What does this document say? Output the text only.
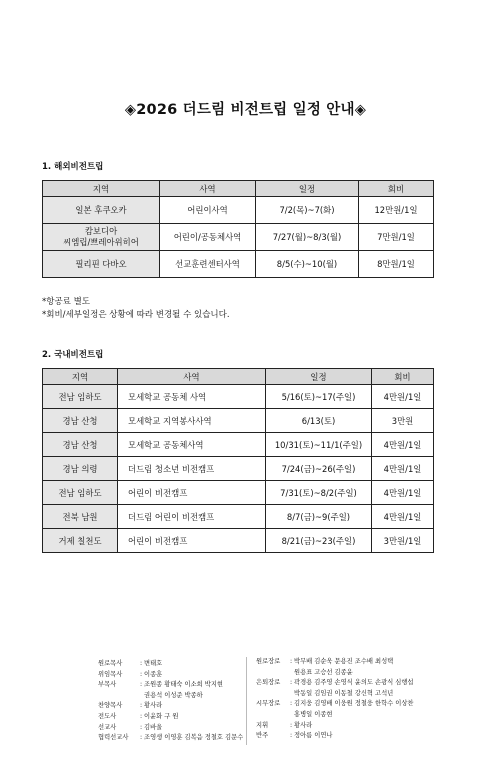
◈2026 더드림 비전트립 일정 안내◈
1. 해외비전트립
지역	사역	일정	회비
일본 후쿠오카	어린이사역	7/2(목)~7(화)	12만원/1일

캄보디아
씨엠립/쁘레아위히어	어린이/공동체사역	7/27(월)~8/3(월)	7만원/1일
필리핀 다바오	선교훈련센터사역	8/5(수)~10(월)	8만원/1일
*항공료 별도
*회비/세부일정은 상황에 따라 변경될 수 있습니다.
2. 국내비전트립
지역	사역	일정	회비
전남 임하도	모세학교 공동체 사역	5/16(토)~17(주일)	4만원/1일
경남 산청	모세학교 지역봉사사역	6/13(토)	3만원
경남 산청	모세학교 공동체사역	10/31(토)~11/1(주일)	4만원/1일
경남 의령	더드림 청소년 비전캠프	7/24(금)~26(주일)	4만원/1일
전남 임하도	어린이 비전캠프	7/31(토)~8/2(주일)	4만원/1일
전북 남원	더드림 어린이 비전캠프	8/7(금)~9(주일)	4만원/1일
거제 칠천도	어린이 비전캠프	8/21(금)~23(주일)	3만원/1일
원로목사	: 변태호
위임목사	: 이종훈
부목사	: 조원종 황태숙 이소희 박지현
권용석 이성준 박종하
찬양목사	: 황사라
전도사	: 이윤화 구 원
선교사	: 김바울
협력선교사	: 조영생 이영훈 김복음 정철호 김문수
원로장로	: 박무배 김순욱 문용진 조수배 최성택
원용표 고승선 김종윤
은퇴장로	: 곽경용 김주영 손영식 윤의도 손광식 심행섭
박동일 김임권 이동철 강신혁 고석년
시무장로	: 김지웅 김영배 이웅원 정철웅 한학수 이상찬
홍병일 이종현
지휘	: 황사라
반주	: 정아름 이연나
